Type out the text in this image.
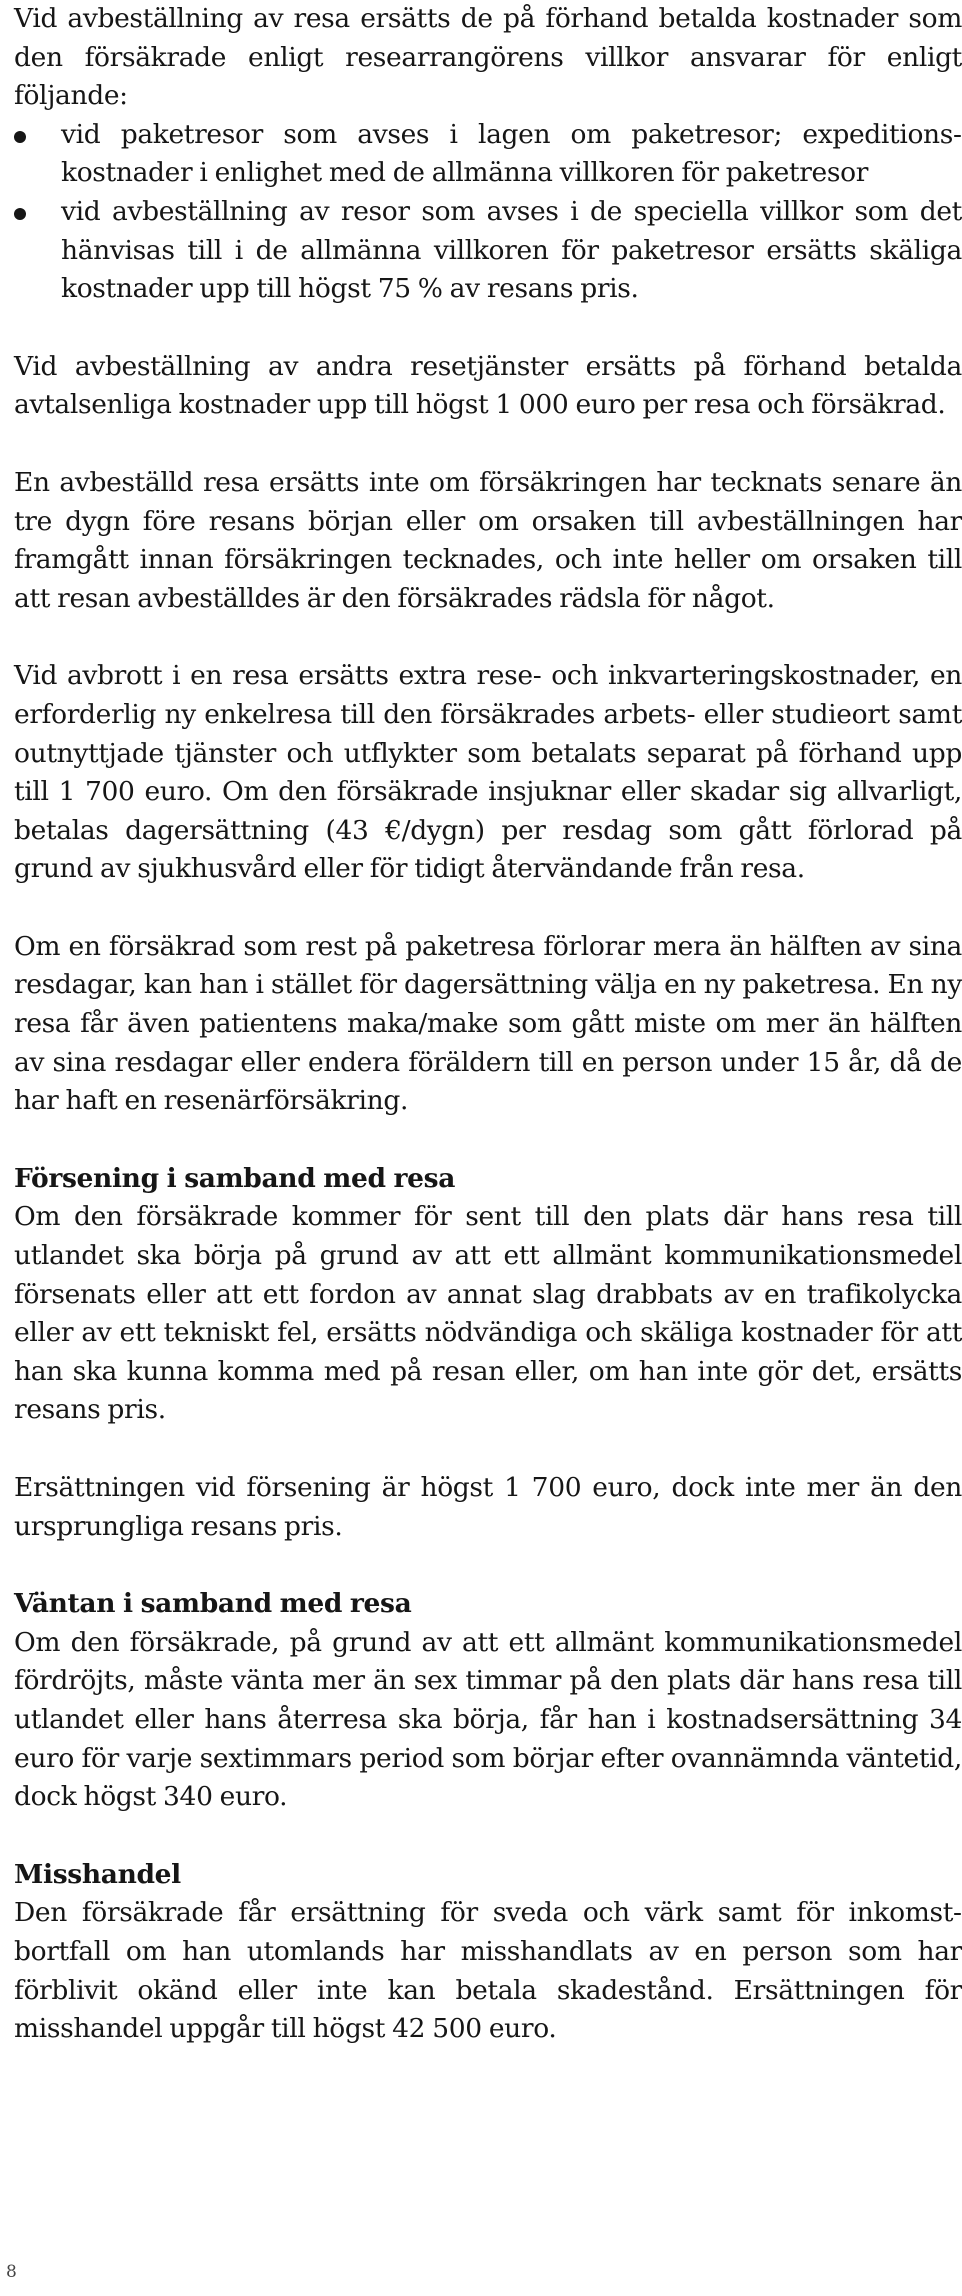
Vid avbeställning av resa ersätts de på förhand betalda kostnader som den försäkrade enligt researrangörens villkor ansvarar för enligt följande:

vid paketresor som avses i lagen om paketresor; expeditionskostnader i enlighet med de allmänna villkoren för paketresor
vid avbeställning av resor som avses i de speciella villkor som det hänvisas till i de allmänna villkoren för paketresor ersätts skäliga kostnader upp till högst 75 % av resans pris.

Vid avbeställning av andra resetjänster ersätts på förhand betalda avtalsenliga kostnader upp till högst 1 000 euro per resa och försäkrad.

En avbeställd resa ersätts inte om försäkringen har tecknats senare än tre dygn före resans början eller om orsaken till avbeställningen har framgått innan försäkringen tecknades, och inte heller om orsaken till att resan avbeställdes är den försäkrades rädsla för något.

Vid avbrott i en resa ersätts extra rese- och inkvarteringskostnader, en erforderlig ny enkelresa till den försäkrades arbets- eller studieort samt outnyttjade tjänster och utflykter som betalats separat på förhand upp till 1 700 euro. Om den försäkrade insjuknar eller skadar sig allvarligt, betalas dagersättning (43 €/dygn) per resdag som gått förlorad på grund av sjukhusvård eller för tidigt återvändande från resa.

Om en försäkrad som rest på paketresa förlorar mera än hälften av sina resdagar, kan han i stället för dagersättning välja en ny paketresa. En ny resa får även patientens maka/make som gått miste om mer än hälften av sina resdagar eller endera föräldern till en person under 15 år, då de har haft en resenärförsäkring.

Försening i samband med resa

Om den försäkrade kommer för sent till den plats där hans resa till utlandet ska börja på grund av att ett allmänt kommunikationsmedel försenats eller att ett fordon av annat slag drabbats av en trafikolycka eller av ett tekniskt fel, ersätts nödvändiga och skäliga kostnader för att han ska kunna komma med på resan eller, om han inte gör det, ersätts resans pris.

Ersättningen vid försening är högst 1 700 euro, dock inte mer än den ursprungliga resans pris.

Väntan i samband med resa

Om den försäkrade, på grund av att ett allmänt kommunikationsmedel fördröjts, måste vänta mer än sex timmar på den plats där hans resa till utlandet eller hans återresa ska börja, får han i kostnadsersättning 34 euro för varje sextimmars period som börjar efter ovannämnda väntetid, dock högst 340 euro.

Misshandel

Den försäkrade får ersättning för sveda och värk samt för inkomstbortfall om han utomlands har misshandlats av en person som har förblivit okänd eller inte kan betala skadestånd. Ersättningen för misshandel uppgår till högst 42 500 euro.

8
